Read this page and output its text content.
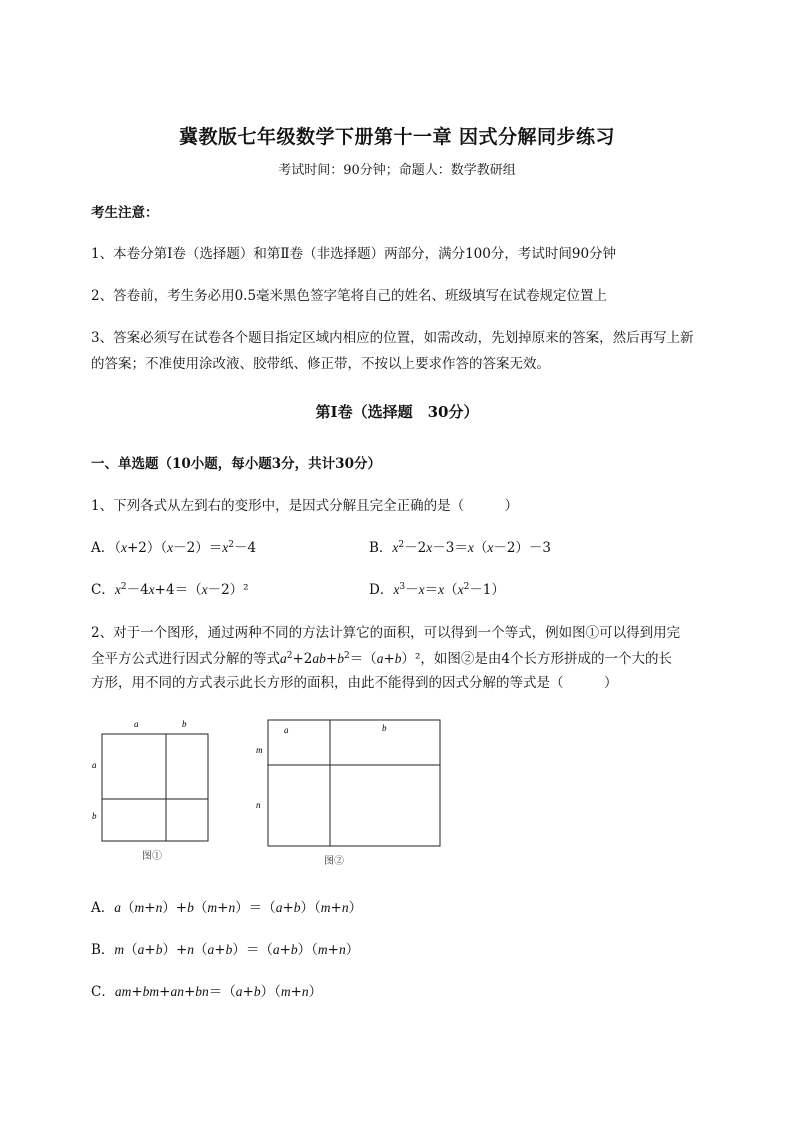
冀教版七年级数学下册第十一章 因式分解同步练习
考试时间：90分钟；命题人：数学教研组
考生注意：
1、本卷分第I卷（选择题）和第Ⅱ卷（非选择题）两部分，满分100分，考试时间90分钟
2、答卷前，考生务必用0.5毫米黑色签字笔将自己的姓名、班级填写在试卷规定位置上
3、答案必须写在试卷各个题目指定区域内相应的位置，如需改动，先划掉原来的答案，然后再写上新
的答案；不准使用涂改液、胶带纸、修正带，不按以上要求作答的答案无效。
第I卷（选择题　30分）
一、单选题（10小题，每小题3分，共计30分）
1、下列各式从左到右的变形中，是因式分解且完全正确的是（　　　）
A．$(x+2)(x-2)=x^2-4$	B．$x^2-2x-3=x(x-2)-3$
C．$x^2-4x+4=(x-2)^2$	D．$x^3-x=x(x^2-1)$
2、对于一个图形，通过两种不同的方法计算它的面积，可以得到一个等式，例如图①可以得到用完
全平方公式进行因式分解的等式$a^2+2ab+b^2=(a+b)^2$，如图②是由4个长方形拼成的一个大的长
方形，用不同的方式表示此长方形的面积，由此不能得到的因式分解的等式是（　　　）
a	b
a
b
图①
a	b
m
n
图②
A．a（m+n）+b（m+n）＝（a+b）（m+n）
B．m（a+b）+n（a+b）＝（a+b）（m+n）
C．am+bm+an+bn＝（a+b）（m+n）
